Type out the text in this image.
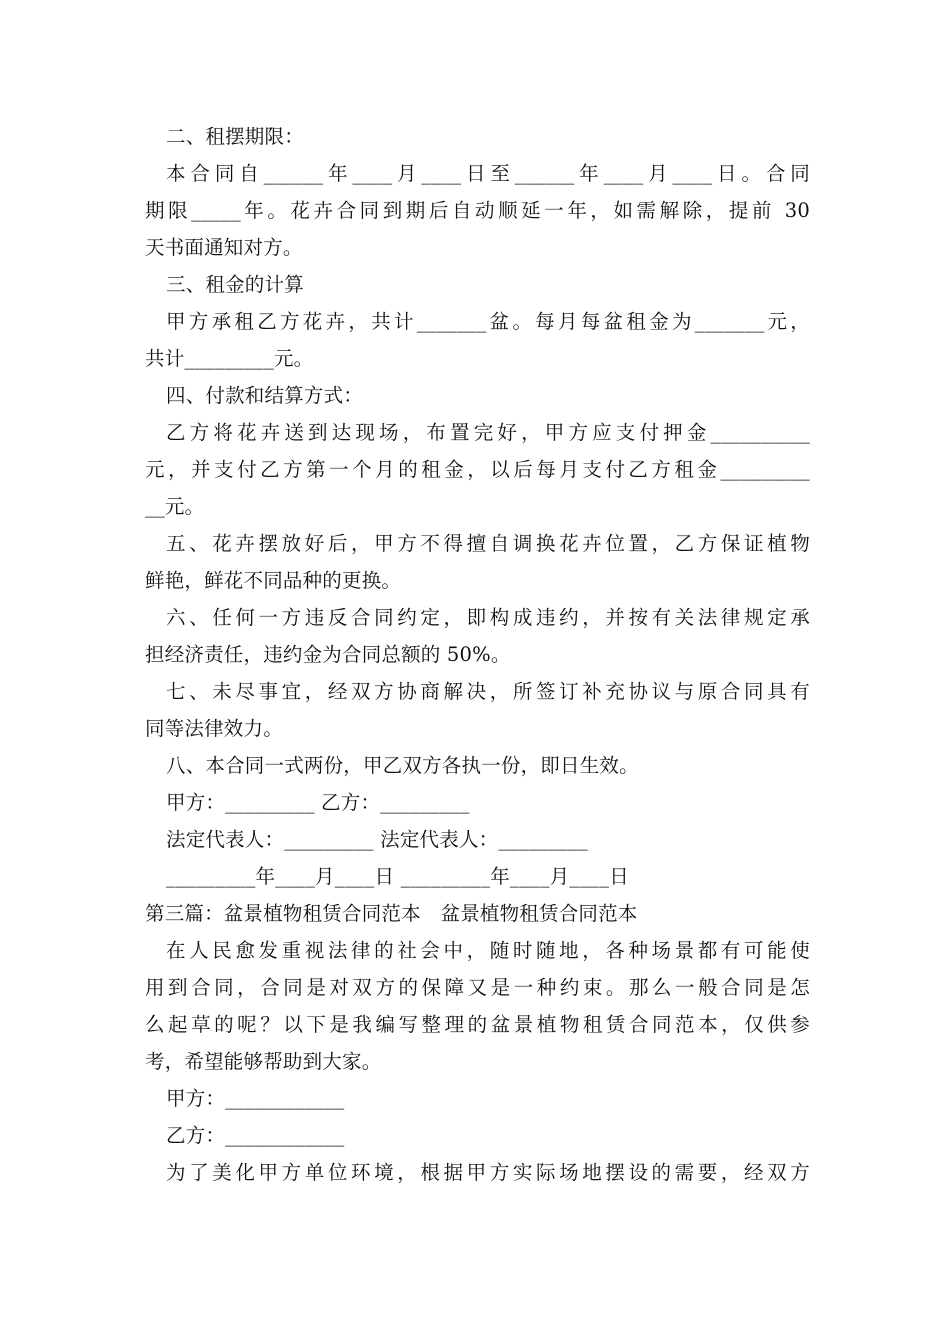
二、租摆期限：
本合同自______年____月____日至______年____月____日。合同
期限_____年。花卉合同到期后自动顺延一年，如需解除，提前 30
天书面通知对方。
三、租金的计算
甲方承租乙方花卉，共计_______盆。每月每盆租金为_______元，
共计_________元。
四、付款和结算方式：
乙方将花卉送到达现场，布置完好，甲方应支付押金__________
元，并支付乙方第一个月的租金，以后每月支付乙方租金_________
__元。
五、花卉摆放好后，甲方不得擅自调换花卉位置，乙方保证植物
鲜艳，鲜花不同品种的更换。
六、任何一方违反合同约定，即构成违约，并按有关法律规定承
担经济责任，违约金为合同总额的 50%。
七、未尽事宜，经双方协商解决，所签订补充协议与原合同具有
同等法律效力。
八、本合同一式两份，甲乙双方各执一份，即日生效。
甲方：_________ 乙方：_________
法定代表人：_________ 法定代表人：_________
_________年____月____日 _________年____月____日
第三篇：盆景植物租赁合同范本　盆景植物租赁合同范本
在人民愈发重视法律的社会中，随时随地，各种场景都有可能使
用到合同，合同是对双方的保障又是一种约束。那么一般合同是怎
么起草的呢？以下是我编写整理的盆景植物租赁合同范本，仅供参
考，希望能够帮助到大家。
甲方：____________
乙方：____________
为了美化甲方单位环境，根据甲方实际场地摆设的需要，经双方
